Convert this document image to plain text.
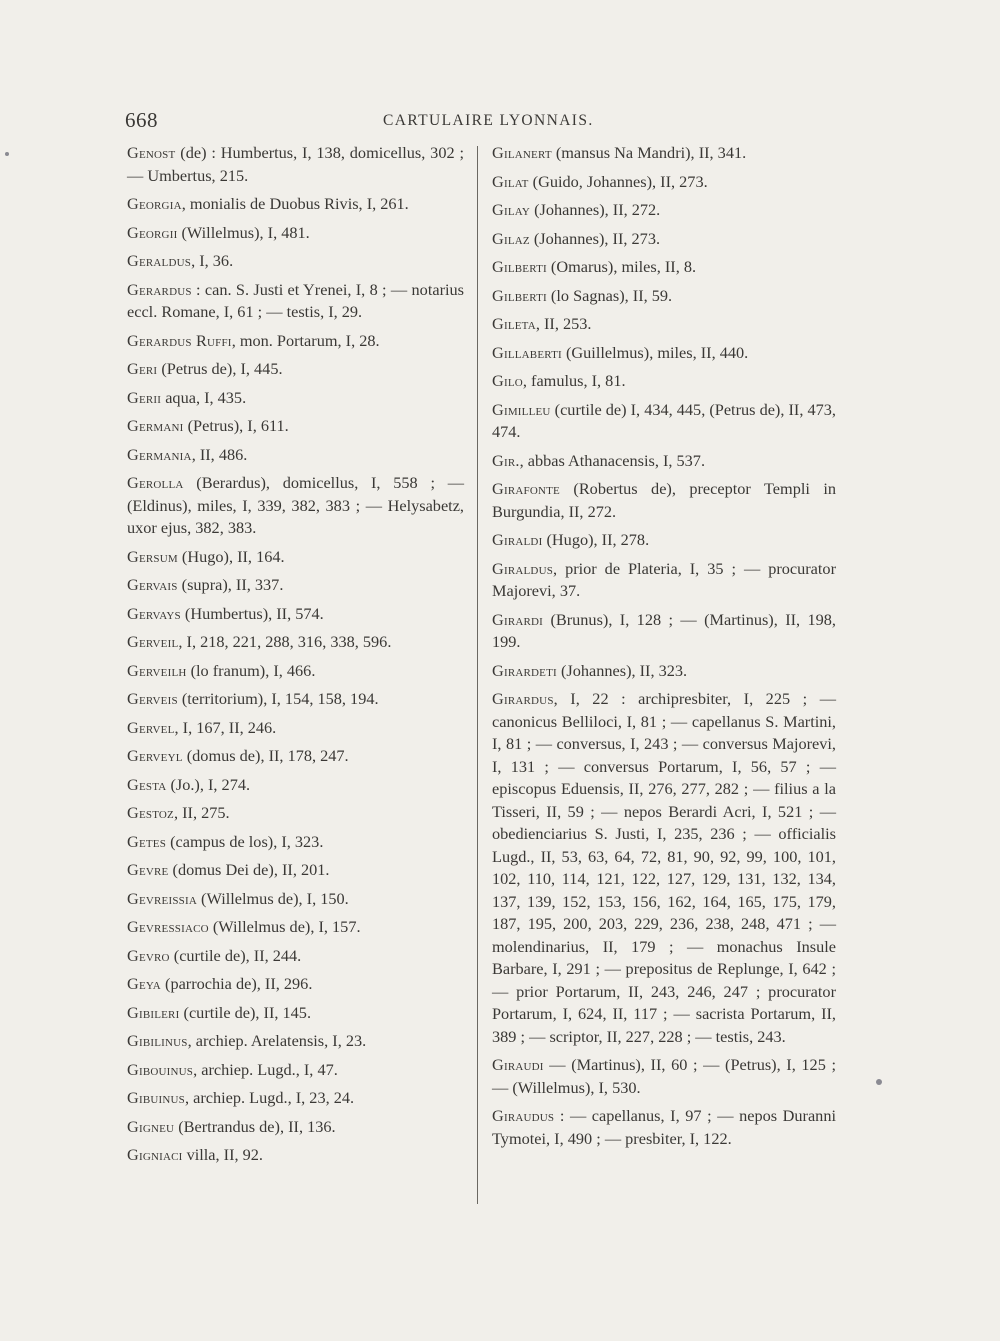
668	CARTULAIRE LYONNAIS.
Genost (de) : Humbertus, I, 138, domicellus, 302 ; — Umbertus, 215.
Georgia, monialis de Duobus Rivis, I, 261.
Georgii (Willelmus), I, 481.
Geraldus, I, 36.
Gerardus : can. S. Justi et Yrenei, I, 8 ; — notarius eccl. Romane, I, 61 ; — testis, I, 29.
Gerardus Ruffi, mon. Portarum, I, 28.
Geri (Petrus de), I, 445.
Gerii aqua, I, 435.
Germani (Petrus), I, 611.
Germania, II, 486.
Gerolla (Berardus), domicellus, I, 558 ; — (Eldinus), miles, I, 339, 382, 383 ; — Helysabetz, uxor ejus, 382, 383.
Gersum (Hugo), II, 164.
Gervais (supra), II, 337.
Gervays (Humbertus), II, 574.
Gerveil, I, 218, 221, 288, 316, 338, 596.
Gerveilh (lo franum), I, 466.
Gerveis (territorium), I, 154, 158, 194.
Gervel, I, 167, II, 246.
Gerveyl (domus de), II, 178, 247.
Gesta (Jo.), I, 274.
Gestoz, II, 275.
Getes (campus de los), I, 323.
Gevre (domus Dei de), II, 201.
Gevreissia (Willelmus de), I, 150.
Gevressiaco (Willelmus de), I, 157.
Gevro (curtile de), II, 244.
Geya (parrochia de), II, 296.
Gibileri (curtile de), II, 145.
Gibilinus, archiep. Arelatensis, I, 23.
Gibouinus, archiep. Lugd., I, 47.
Gibuinus, archiep. Lugd., I, 23, 24.
Gigneu (Bertrandus de), II, 136.
Gigniaci villa, II, 92.
Gilanert (mansus Na Mandri), II, 341.
Gilat (Guido, Johannes), II, 273.
Gilay (Johannes), II, 272.
Gilaz (Johannes), II, 273.
Gilberti (Omarus), miles, II, 8.
Gilberti (lo Sagnas), II, 59.
Gileta, II, 253.
Gillaberti (Guillelmus), miles, II, 440.
Gilo, famulus, I, 81.
Gimilleu (curtile de) I, 434, 445, (Petrus de), II, 473, 474.
Gir., abbas Athanacensis, I, 537.
Girafonte (Robertus de), preceptor Templi in Burgundia, II, 272.
Giraldi (Hugo), II, 278.
Giraldus, prior de Plateria, I, 35 ; — procurator Majorevi, 37.
Girardi (Brunus), I, 128 ; — (Martinus), II, 198, 199.
Girardeti (Johannes), II, 323.
Girardus, I, 22 : archipresbiter, I, 225 ; — canonicus Belliloci, I, 81 ; — capellanus S. Martini, I, 81 ; — conversus, I, 243 ; — conversus Majorevi, I, 131 ; — conversus Portarum, I, 56, 57 ; — episcopus Eduensis, II, 276, 277, 282 ; — filius a la Tisseri, II, 59 ; — nepos Berardi Acri, I, 521 ; — obedienciarius S. Justi, I, 235, 236 ; — officialis Lugd., II, 53, 63, 64, 72, 81, 90, 92, 99, 100, 101, 102, 110, 114, 121, 122, 127, 129, 131, 132, 134, 137, 139, 152, 153, 156, 162, 164, 165, 175, 179, 187, 195, 200, 203, 229, 236, 238, 248, 471 ; — molendinarius, II, 179 ; — monachus Insule Barbare, I, 291 ; — prepositus de Replunge, I, 642 ; — prior Portarum, II, 243, 246, 247 ; procurator Portarum, I, 624, II, 117 ; — sacrista Portarum, II, 389 ; — scriptor, II, 227, 228 ; — testis, 243.
Giraudi — (Martinus), II, 60 ; — (Petrus), I, 125 ; — (Willelmus), I, 530.
Giraudus : — capellanus, I, 97 ; — nepos Duranni Tymotei, I, 490 ; — presbiter, I, 122.
